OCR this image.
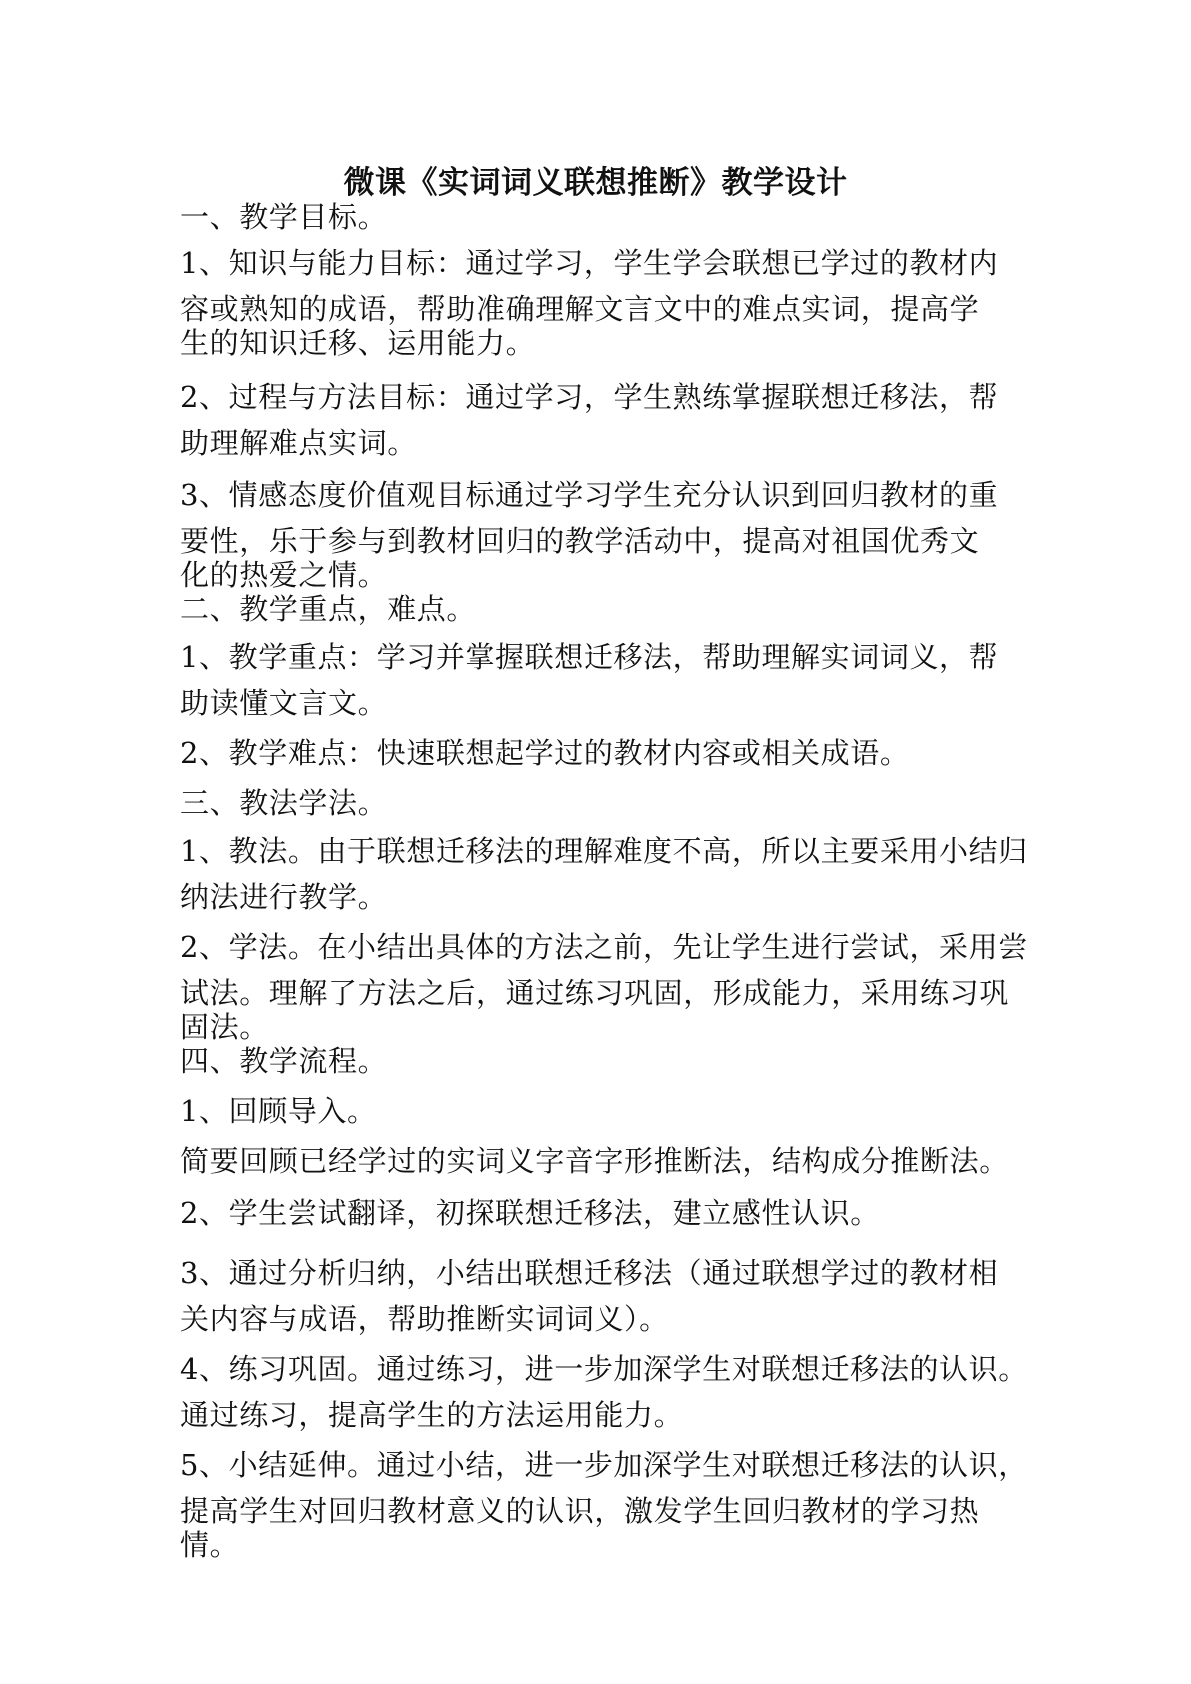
微课《实词词义联想推断》教学设计
一、教学目标。
1、知识与能力目标：通过学习，学生学会联想已学过的教材内
容或熟知的成语，帮助准确理解文言文中的难点实词，提高学
生的知识迁移、运用能力。
2、过程与方法目标：通过学习，学生熟练掌握联想迁移法，帮
助理解难点实词。
3、情感态度价值观目标通过学习学生充分认识到回归教材的重
要性，乐于参与到教材回归的教学活动中，提高对祖国优秀文
化的热爱之情。
二、教学重点，难点。
1、教学重点：学习并掌握联想迁移法，帮助理解实词词义，帮
助读懂文言文。
2、教学难点：快速联想起学过的教材内容或相关成语。
三、教法学法。
1、教法。由于联想迁移法的理解难度不高，所以主要采用小结归
纳法进行教学。
2、学法。在小结出具体的方法之前，先让学生进行尝试，采用尝
试法。理解了方法之后，通过练习巩固，形成能力，采用练习巩
固法。
四、教学流程。
1、回顾导入。
简要回顾已经学过的实词义字音字形推断法，结构成分推断法。
2、学生尝试翻译，初探联想迁移法，建立感性认识。
3、通过分析归纳，小结出联想迁移法（通过联想学过的教材相
关内容与成语，帮助推断实词词义）。
4、练习巩固。通过练习，进一步加深学生对联想迁移法的认识。
通过练习，提高学生的方法运用能力。
5、小结延伸。通过小结，进一步加深学生对联想迁移法的认识，
提高学生对回归教材意义的认识，激发学生回归教材的学习热
情。
